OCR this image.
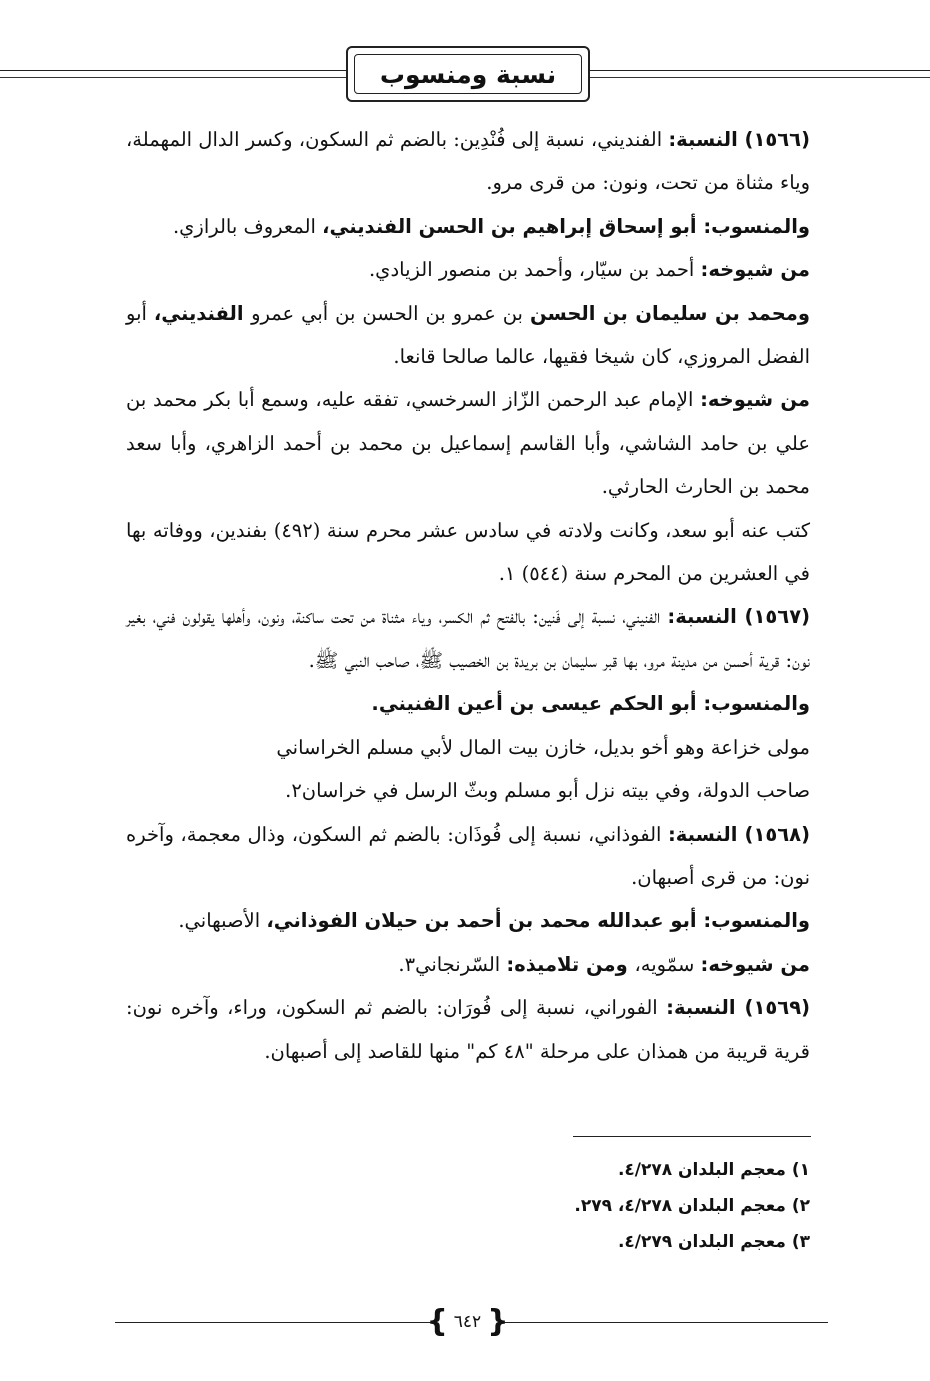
نسبة ومنسوب

(١٥٦٦) النسبة: الفنديني، نسبة إلى فُنْدِين: بالضم ثم السكون، وكسر الدال المهملة، وياء مثناة من تحت، ونون: من قرى مرو.

والمنسوب: أبو إسحاق إبراهيم بن الحسن الفنديني، المعروف بالرازي.

من شيوخه: أحمد بن سيّار، وأحمد بن منصور الزيادي.

ومحمد بن سليمان بن الحسن بن عمرو بن الحسن بن أبي عمرو الفنديني، أبو الفضل المروزي، كان شيخا فقيها، عالما صالحا قانعا.

من شيوخه: الإمام عبد الرحمن الزّاز السرخسي، تفقه عليه، وسمع أبا بكر محمد بن علي بن حامد الشاشي، وأبا القاسم إسماعيل بن محمد بن أحمد الزاهري، وأبا سعد محمد بن الحارث الحارثي.

كتب عنه أبو سعد، وكانت ولادته في سادس عشر محرم سنة (٤٩٢) بفندين، ووفاته بها في العشرين من المحرم سنة (٥٤٤) ١.

(١٥٦٧) النسبة: الفنيني، نسبة إلى فَنين: بالفتح ثم الكسر، وياء مثناة من تحت ساكنة، ونون، وأهلها يقولون فني، بغير نون: قرية أحسن من مدينة مرو، بها قبر سليمان بن بريدة بن الخصيب ﷺ، صاحب النبي ﷺ.

والمنسوب: أبو الحكم عيسى بن أعين الفنيني.

مولى خزاعة وهو أخو بديل، خازن بيت المال لأبي مسلم الخراساني

صاحب الدولة، وفي بيته نزل أبو مسلم وبثّ الرسل في خراسان٢.

(١٥٦٨) النسبة: الفوذاني، نسبة إلى فُوذَان: بالضم ثم السكون، وذال معجمة، وآخره نون: من قرى أصبهان.

والمنسوب: أبو عبدالله محمد بن أحمد بن حيلان الفوذاني، الأصبهاني.

من شيوخه: سمّويه، ومن تلاميذه: السّرنجاني٣.

(١٥٦٩) النسبة: الفوراني، نسبة إلى فُورَان: بالضم ثم السكون، وراء، وآخره نون: قرية قريبة من همذان على مرحلة "٤٨ كم" منها للقاصد إلى أصبهان.

١) معجم البلدان ٤/٢٧٨.
٢) معجم البلدان ٤/٢٧٨، ٢٧٩.
٣) معجم البلدان ٤/٢٧٩.
{
٦٤٢
}
